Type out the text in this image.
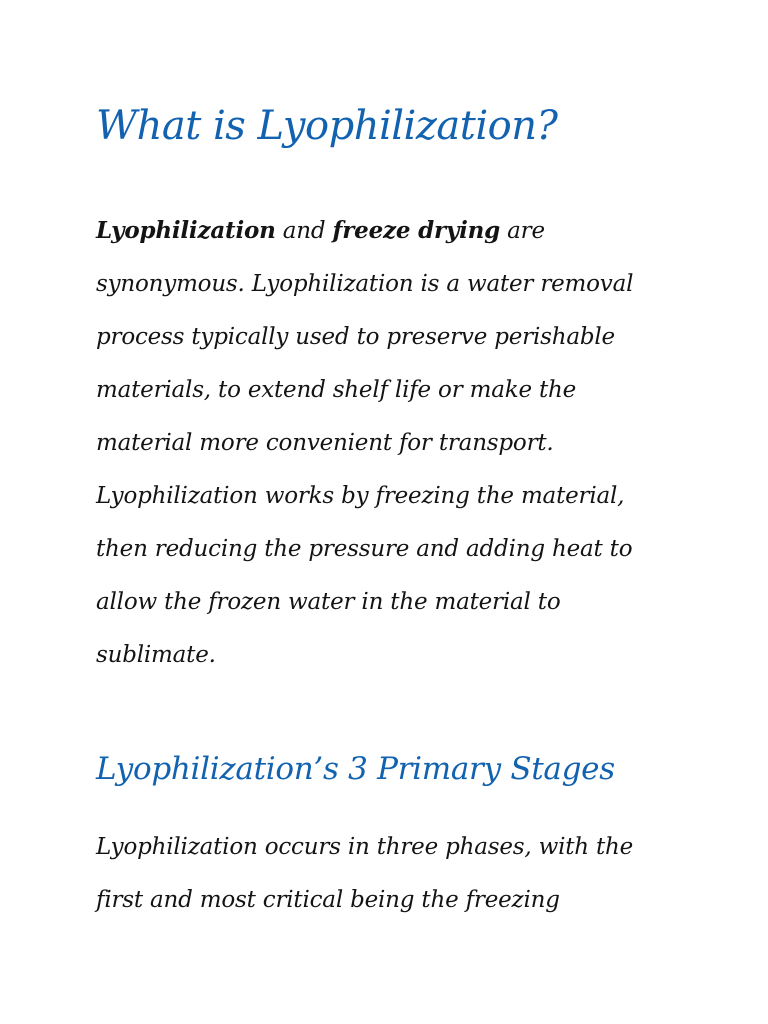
What is Lyophilization?

Lyophilization and freeze drying are synonymous. Lyophilization is a water removal process typically used to preserve perishable materials, to extend shelf life or make the material more convenient for transport. Lyophilization works by freezing the material, then reducing the pressure and adding heat to allow the frozen water in the material to sublimate.

Lyophilization’s 3 Primary Stages

Lyophilization occurs in three phases, with the first and most critical being the freezing
